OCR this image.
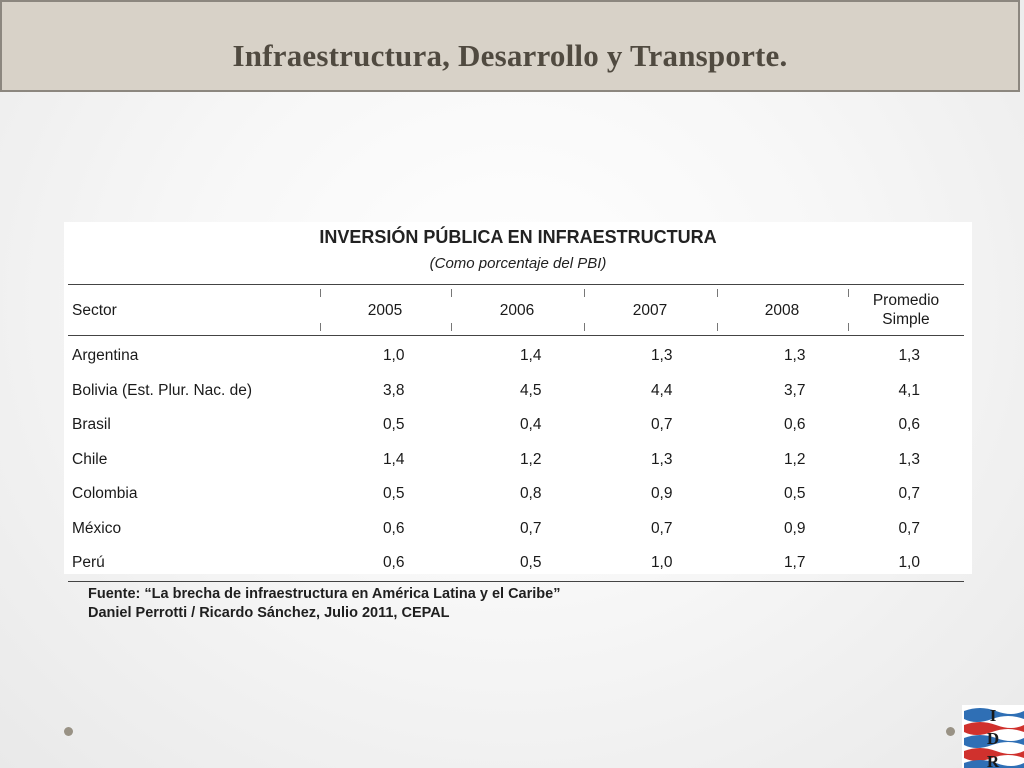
Infraestructura, Desarrollo y Transporte.
INVERSIÓN PÚBLICA EN INFRAESTRUCTURA
(Como porcentaje del PBI)
Sector	2005	2006	2007	2008	Promedio
Simple
Argentina	1,0	1,4	1,3	1,3	1,3
Bolivia (Est. Plur. Nac. de)	3,8	4,5	4,4	3,7	4,1
Brasil	0,5	0,4	0,7	0,6	0,6
Chile	1,4	1,2	1,3	1,2	1,3
Colombia	0,5	0,8	0,9	0,5	0,7
México	0,6	0,7	0,7	0,9	0,7
Perú	0,6	0,5	1,0	1,7	1,0
Fuente: “La brecha de infraestructura en América Latina y el Caribe”
Daniel Perrotti / Ricardo Sánchez, Julio 2011, CEPAL
I
D
R
